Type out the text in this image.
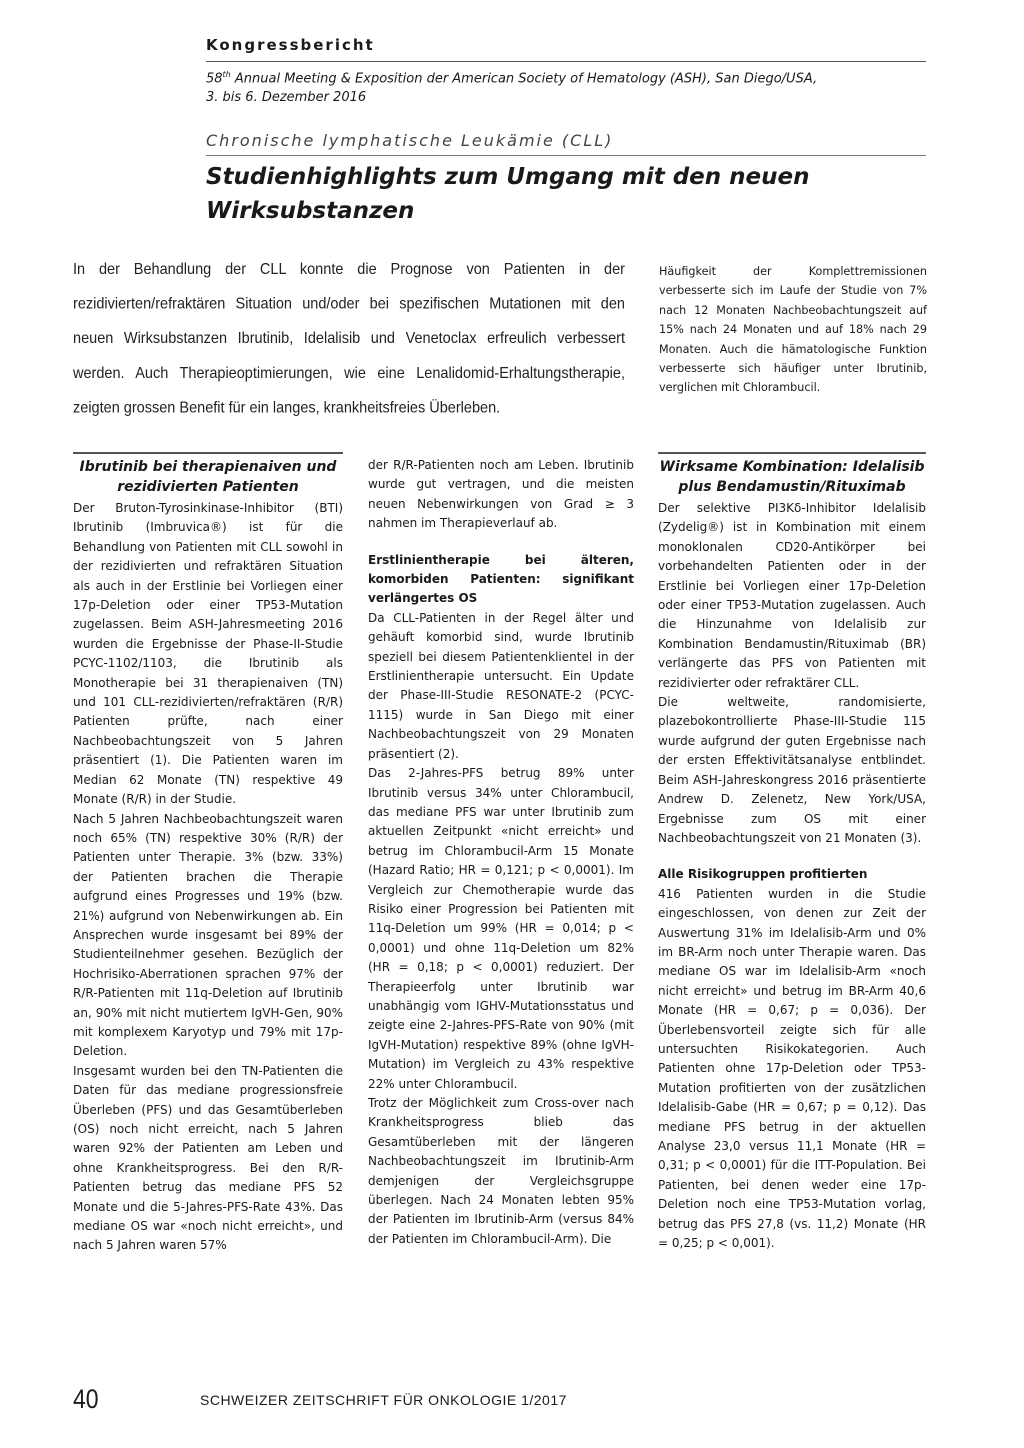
Kongressbericht
58th Annual Meeting & Exposition der American Society of Hematology (ASH), San Diego/USA,
3. bis 6. Dezember 2016
Chronische lymphatische Leukämie (CLL)
Studienhighlights zum Umgang mit den neuen Wirksubstanzen
In der Behandlung der CLL konnte die Prognose von Patienten in der rezidivierten/refraktären Situation und/oder bei spezifischen Mutationen mit den neuen Wirksubstanzen Ibrutinib, Idelalisib und Venetoclax erfreulich verbessert werden. Auch Therapieoptimierungen, wie eine Lenalidomid-Erhaltungstherapie, zeigten grossen Benefit für ein langes, krankheitsfreies Überleben.
Häufigkeit der Komplettremissionen verbesserte sich im Laufe der Studie von 7% nach 12 Monaten Nachbeobachtungszeit auf 15% nach 24 Monaten und auf 18% nach 29 Monaten. Auch die hämatologische Funktion verbesserte sich häufiger unter Ibrutinib, verglichen mit Chlorambucil.
Ibrutinib bei therapienaiven und rezidivierten Patienten

Der Bruton-Tyrosinkinase-Inhibitor (BTI) Ibrutinib (Imbruvica®) ist für die Behandlung von Patienten mit CLL sowohl in der rezidivierten und refraktären Situation als auch in der Erstlinie bei Vorliegen einer 17p-Deletion oder einer TP53-Mutation zugelassen. Beim ASH-Jahresmeeting 2016 wurden die Ergebnisse der Phase-II-Studie PCYC-1102/1103, die Ibrutinib als Monotherapie bei 31 therapienaiven (TN) und 101 CLL-rezidivierten/refraktären (R/R) Patienten prüfte, nach einer Nachbeobachtungszeit von 5 Jahren präsentiert (1). Die Patienten waren im Median 62 Monate (TN) respektive 49 Monate (R/R) in der Studie.

Nach 5 Jahren Nachbeobachtungszeit waren noch 65% (TN) respektive 30% (R/R) der Patienten unter Therapie. 3% (bzw. 33%) der Patienten brachen die Therapie aufgrund eines Progresses und 19% (bzw. 21%) aufgrund von Nebenwirkungen ab. Ein Ansprechen wurde insgesamt bei 89% der Studienteilnehmer gesehen. Bezüglich der Hochrisiko-Aberrationen sprachen 97% der R/R-Patienten mit 11q-Deletion auf Ibrutinib an, 90% mit nicht mutiertem IgVH-Gen, 90% mit komplexem Karyotyp und 79% mit 17p-Deletion.

Insgesamt wurden bei den TN-Patienten die Daten für das mediane progressionsfreie Überleben (PFS) und das Gesamtüberleben (OS) noch nicht erreicht, nach 5 Jahren waren 92% der Patienten am Leben und ohne Krankheitsprogress. Bei den R/R-Patienten betrug das mediane PFS 52 Monate und die 5-Jahres-PFS-Rate 43%. Das mediane OS war «noch nicht erreicht», und nach 5 Jahren waren 57%

der R/R-Patienten noch am Leben. Ibrutinib wurde gut vertragen, und die meisten neuen Nebenwirkungen von Grad ≥ 3 nahmen im Therapieverlauf ab.

Erstlinientherapie bei älteren, komorbiden Patienten: signifikant verlängertes OS

Da CLL-Patienten in der Regel älter und gehäuft komorbid sind, wurde Ibrutinib speziell bei diesem Patientenklientel in der Erstlinientherapie untersucht. Ein Update der Phase-III-Studie RESONATE-2 (PCYC-1115) wurde in San Diego mit einer Nachbeobachtungszeit von 29 Monaten präsentiert (2).

Das 2-Jahres-PFS betrug 89% unter Ibrutinib versus 34% unter Chlorambucil, das mediane PFS war unter Ibrutinib zum aktuellen Zeitpunkt «nicht erreicht» und betrug im Chlorambucil-Arm 15 Monate (Hazard Ratio; HR = 0,121; p < 0,0001). Im Vergleich zur Chemotherapie wurde das Risiko einer Progression bei Patienten mit 11q-Deletion um 99% (HR = 0,014; p < 0,0001) und ohne 11q-Deletion um 82% (HR = 0,18; p < 0,0001) reduziert. Der Therapieerfolg unter Ibrutinib war unabhängig vom IGHV-Mutationsstatus und zeigte eine 2-Jahres-PFS-Rate von 90% (mit IgVH-Mutation) respektive 89% (ohne IgVH-Mutation) im Vergleich zu 43% respektive 22% unter Chlorambucil.

Trotz der Möglichkeit zum Cross-over nach Krankheitsprogress blieb das Gesamtüberleben mit der längeren Nachbeobachtungszeit im Ibrutinib-Arm demjenigen der Vergleichsgruppe überlegen. Nach 24 Monaten lebten 95% der Patienten im Ibrutinib-Arm (versus 84% der Patienten im Chlorambucil-Arm). Die

Wirksame Kombination: Idelalisib plus Bendamustin/Rituximab

Der selektive PI3Kδ-Inhibitor Idelalisib (Zydelig®) ist in Kombination mit einem monoklonalen CD20-Antikörper bei vorbehandelten Patienten oder in der Erstlinie bei Vorliegen einer 17p-Deletion oder einer TP53-Mutation zugelassen. Auch die Hinzunahme von Idelalisib zur Kombination Bendamustin/Rituximab (BR) verlängerte das PFS von Patienten mit rezidivierter oder refraktärer CLL.

Die weltweite, randomisierte, plazebokontrollierte Phase-III-Studie 115 wurde aufgrund der guten Ergebnisse nach der ersten Effektivitätsanalyse entblindet. Beim ASH-Jahreskongress 2016 präsentierte Andrew D. Zelenetz, New York/USA, Ergebnisse zum OS mit einer Nachbeobachtungszeit von 21 Monaten (3).

Alle Risikogruppen profitierten

416 Patienten wurden in die Studie eingeschlossen, von denen zur Zeit der Auswertung 31% im Idelalisib-Arm und 0% im BR-Arm noch unter Therapie waren. Das mediane OS war im Idelalisib-Arm «noch nicht erreicht» und betrug im BR-Arm 40,6 Monate (HR = 0,67; p = 0,036). Der Überlebensvorteil zeigte sich für alle untersuchten Risikokategorien. Auch Patienten ohne 17p-Deletion oder TP53-Mutation profitierten von der zusätzlichen Idelalisib-Gabe (HR = 0,67; p = 0,12). Das mediane PFS betrug in der aktuellen Analyse 23,0 versus 11,1 Monate (HR = 0,31; p < 0,0001) für die ITT-Population. Bei Patienten, bei denen weder eine 17p-Deletion noch eine TP53-Mutation vorlag, betrug das PFS 27,8 (vs. 11,2) Monate (HR = 0,25; p < 0,001).

40	SCHWEIZER ZEITSCHRIFT FÜR ONKOLOGIE 1/2017
